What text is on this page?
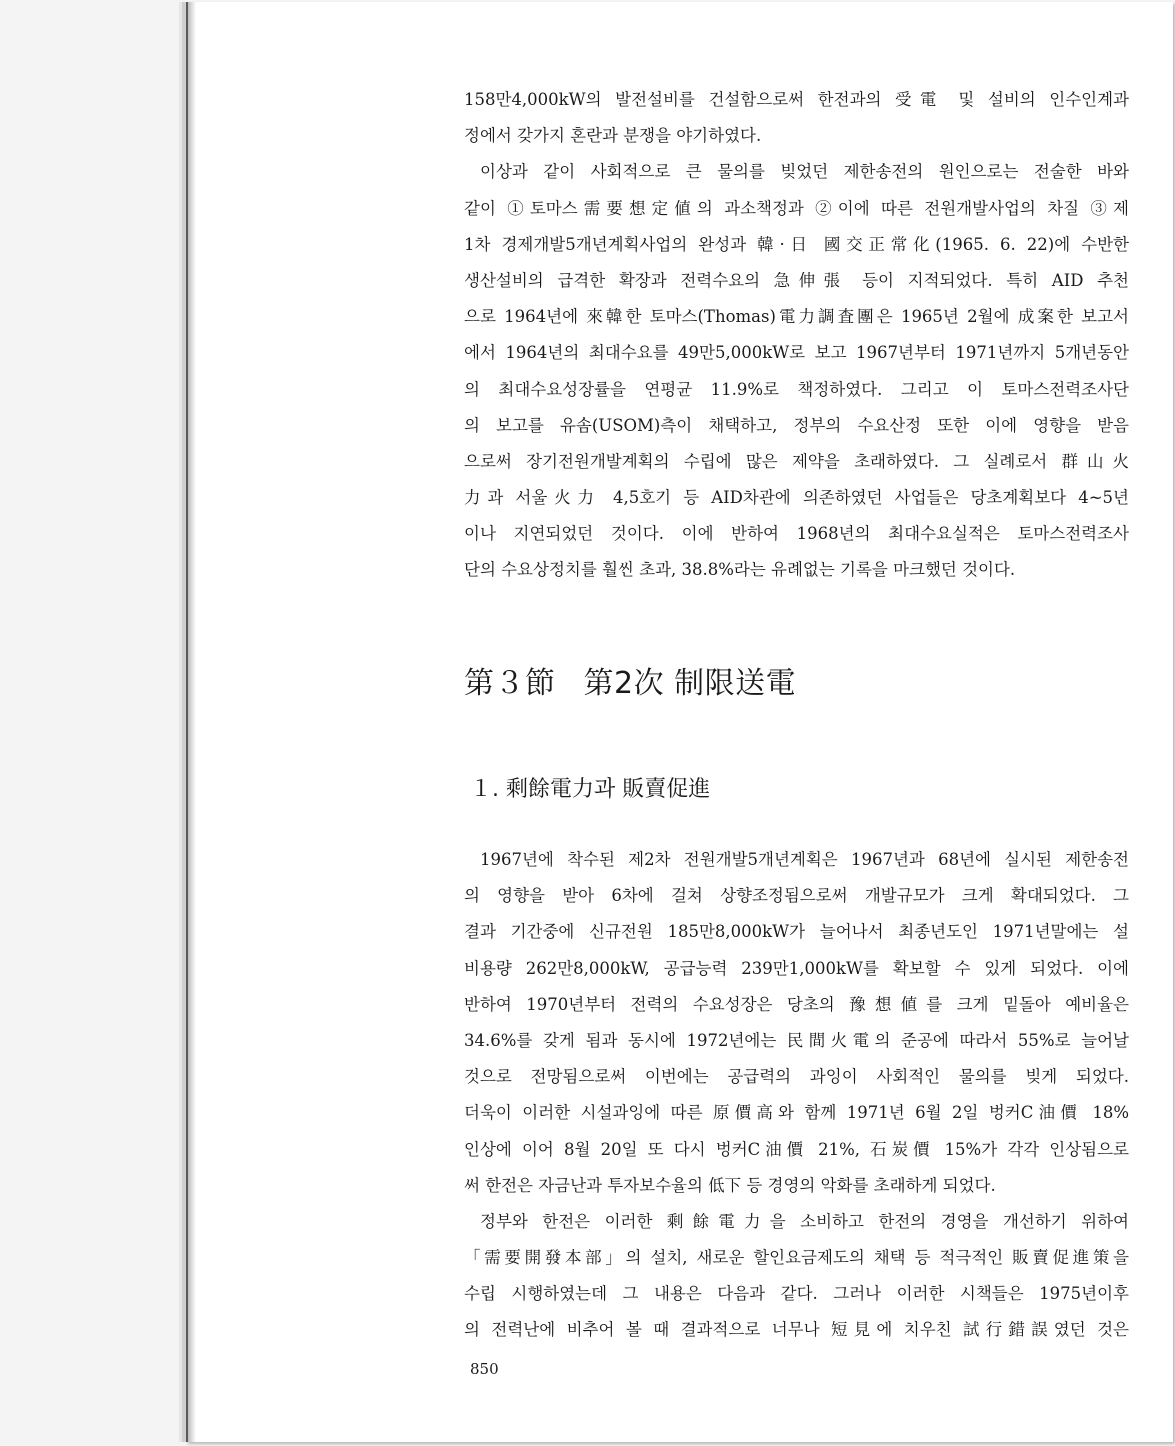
158만4,000kW의 발전설비를 건설함으로써 한전과의 受電 및 설비의 인수인계과
정에서 갖가지 혼란과 분쟁을 야기하였다.

이상과 같이 사회적으로 큰 물의를 빚었던 제한송전의 원인으로는 전술한 바와
같이 ①토마스需要想定値의 과소책정과 ②이에 따른 전원개발사업의 차질 ③제
1차 경제개발5개년계획사업의 완성과 韓·日 國交正常化(1965. 6. 22)에 수반한
생산설비의 급격한 확장과 전력수요의 急伸張 등이 지적되었다. 특히 AID 추천
으로 1964년에 來韓한 토마스(Thomas)電力調査團은 1965년 2월에 成案한 보고서
에서 1964년의 최대수요를 49만5,000kW로 보고 1967년부터 1971년까지 5개년동안
의 최대수요성장률을 연평균 11.9%로 책정하였다. 그리고 이 토마스전력조사단
의 보고를 유솜(USOM)측이 채택하고, 정부의 수요산정 또한 이에 영향을 받음
으로써 장기전원개발계획의 수립에 많은 제약을 초래하였다. 그 실례로서 群山火
力과 서울火力 4,5호기 등 AID차관에 의존하였던 사업들은 당초계획보다 4~5년
이나 지연되었던 것이다. 이에 반하여 1968년의 최대수요실적은 토마스전력조사
단의 수요상정치를 훨씬 초과, 38.8%라는 유례없는 기록을 마크했던 것이다.

第３節 第2次 制限送電
１. 剩餘電力과 販賣促進

1967년에 착수된 제2차 전원개발5개년계획은 1967년과 68년에 실시된 제한송전
의 영향을 받아 6차에 걸쳐 상향조정됨으로써 개발규모가 크게 확대되었다. 그
결과 기간중에 신규전원 185만8,000kW가 늘어나서 최종년도인 1971년말에는 설
비용량 262만8,000kW, 공급능력 239만1,000kW를 확보할 수 있게 되었다. 이에
반하여 1970년부터 전력의 수요성장은 당초의 豫想値를 크게 밑돌아 예비율은
34.6%를 갖게 됨과 동시에 1972년에는 民間火電의 준공에 따라서 55%로 늘어날
것으로 전망됨으로써 이번에는 공급력의 과잉이 사회적인 물의를 빚게 되었다.
더욱이 이러한 시설과잉에 따른 原價高와 함께 1971년 6월 2일 벙커C油價 18%
인상에 이어 8월 20일 또 다시 벙커C油價 21%, 石炭價 15%가 각각 인상됨으로
써 한전은 자금난과 투자보수율의 低下 등 경영의 악화를 초래하게 되었다.

정부와 한전은 이러한 剩餘電力을 소비하고 한전의 경영을 개선하기 위하여
「需要開發本部」의 설치, 새로운 할인요금제도의 채택 등 적극적인 販賣促進策을
수립 시행하였는데 그 내용은 다음과 같다. 그러나 이러한 시책들은 1975년이후
의 전력난에 비추어 볼 때 결과적으로 너무나 短見에 치우친 試行錯誤였던 것은

850
